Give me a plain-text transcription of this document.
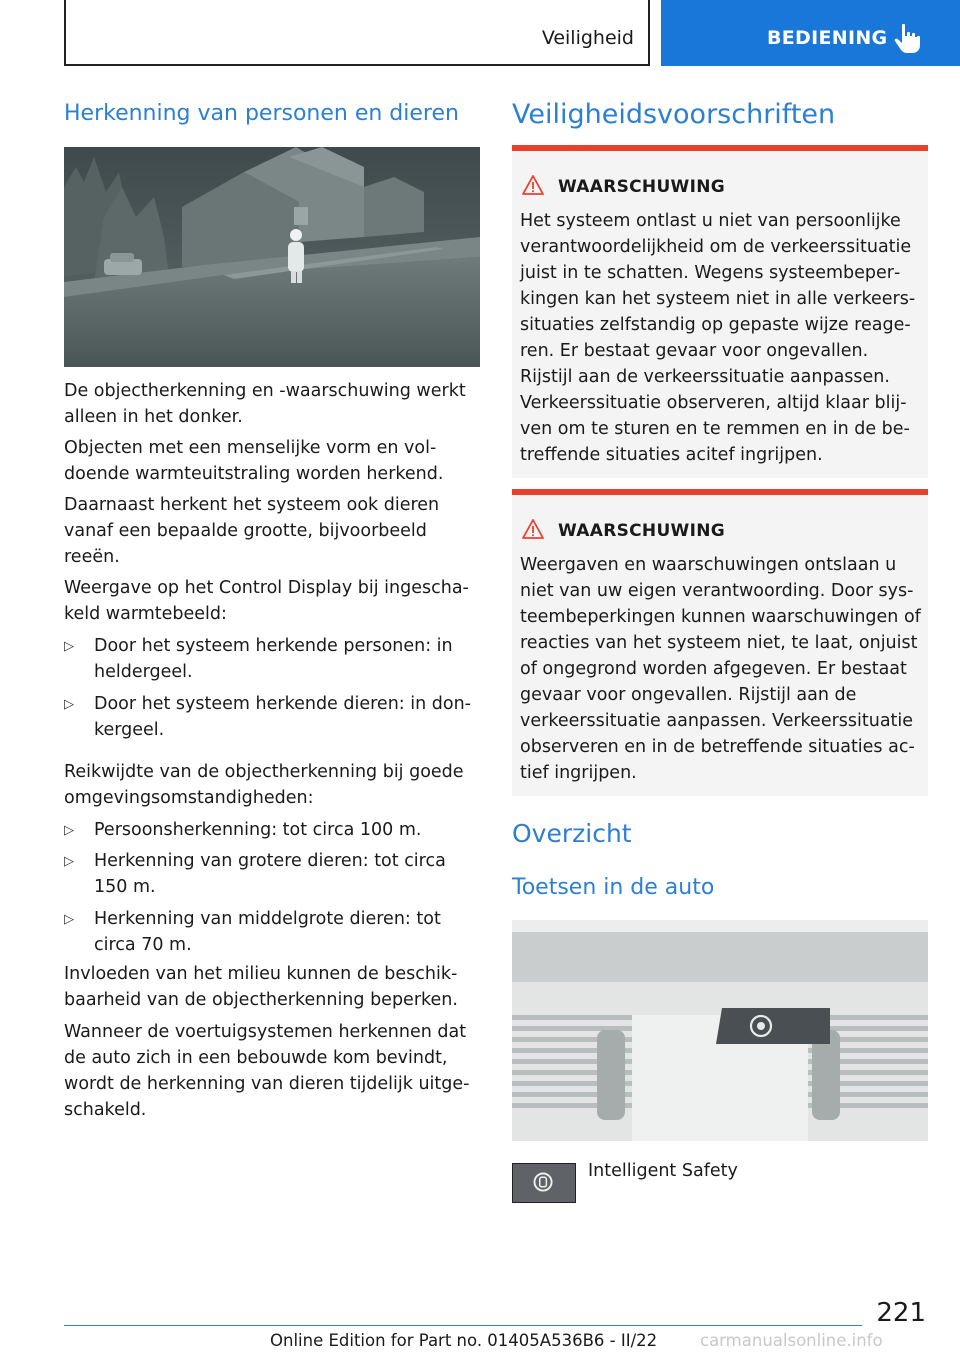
Veiligheid	BEDIENING
Herkenning van personen en dieren

De objectherkenning en -waarschuwing werkt alleen in het donker.

Objecten met een menselijke vorm en voldoende warmteuitstraling worden herkend.

Daarnaast herkent het systeem ook dieren vanaf een bepaalde grootte, bijvoorbeeld reeën.

Weergave op het Control Display bij ingeschakeld warmtebeeld:

▷ Door het systeem herkende personen: in heldergeel.
▷ Door het systeem herkende dieren: in donkergeel.

Reikwijdte van de objectherkenning bij goede omgevingsomstandigheden:

▷ Persoonsherkenning: tot circa 100 m.
▷ Herkenning van grotere dieren: tot circa 150 m.
▷ Herkenning van middelgrote dieren: tot circa 70 m.

Invloeden van het milieu kunnen de beschikbaarheid van de objectherkenning beperken.

Wanneer de voertuigsystemen herkennen dat de auto zich in een bebouwde kom bevindt, wordt de herkenning van dieren tijdelijk uitgeschakeld.

Veiligheidsvoorschriften
WAARSCHUWING

Het systeem ontlast u niet van persoonlijke verantwoordelijkheid om de verkeerssituatie juist in te schatten. Wegens systeembeperkingen kan het systeem niet in alle verkeerssituaties zelfstandig op gepaste wijze reageren. Er bestaat gevaar voor ongevallen. Rijstijl aan de verkeerssituatie aanpassen. Verkeerssituatie observeren, altijd klaar blijven om te sturen en te remmen en in de betreffende situaties acitef ingrijpen.

WAARSCHUWING

Weergaven en waarschuwingen ontslaan u niet van uw eigen verantwoording. Door systeembeperkingen kunnen waarschuwingen of reacties van het systeem niet, te laat, onjuist of ongegrond worden afgegeven. Er bestaat gevaar voor ongevallen. Rijstijl aan de verkeerssituatie aanpassen. Verkeerssituatie observeren en in de betreffende situaties actief ingrijpen.

Overzicht
Toetsen in de auto
Intelligent Safety
221
Online Edition for Part no. 01405A536B6 - II/22	carmanualsonline.info
